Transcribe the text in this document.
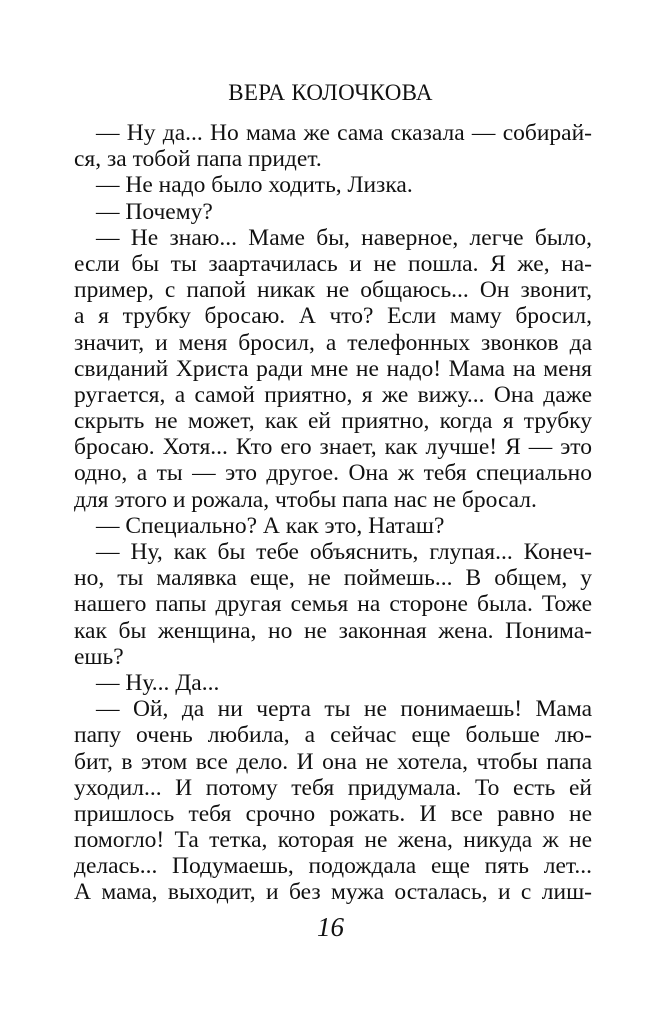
ВЕРА КОЛОЧКОВА
— Ну да... Но мама же сама сказала — собирай-
ся, за тобой папа придет.
— Не надо было ходить, Лизка.
— Почему?
— Не знаю... Маме бы, наверное, легче было,
если бы ты заартачилась и не пошла. Я же, на-
пример, с папой никак не общаюсь... Он звонит,
а я трубку бросаю. А что? Если маму бросил,
значит, и меня бросил, а телефонных звонков да
свиданий Христа ради мне не надо! Мама на меня
ругается, а самой приятно, я же вижу... Она даже
скрыть не может, как ей приятно, когда я трубку
бросаю. Хотя... Кто его знает, как лучше! Я — это
одно, а ты — это другое. Она ж тебя специально
для этого и рожала, чтобы папа нас не бросал.
— Специально? А как это, Наташ?
— Ну, как бы тебе объяснить, глупая... Конеч-
но, ты малявка еще, не поймешь... В общем, у
нашего папы другая семья на стороне была. Тоже
как бы женщина, но не законная жена. Понима-
ешь?
— Ну... Да...
— Ой, да ни черта ты не понимаешь! Мама
папу очень любила, а сейчас еще больше лю-
бит, в этом все дело. И она не хотела, чтобы папа
уходил... И потому тебя придумала. То есть ей
пришлось тебя срочно рожать. И все равно не
помогло! Та тетка, которая не жена, никуда ж не
делась... Подумаешь, подождала еще пять лет...
А мама, выходит, и без мужа осталась, и с лиш-
16
